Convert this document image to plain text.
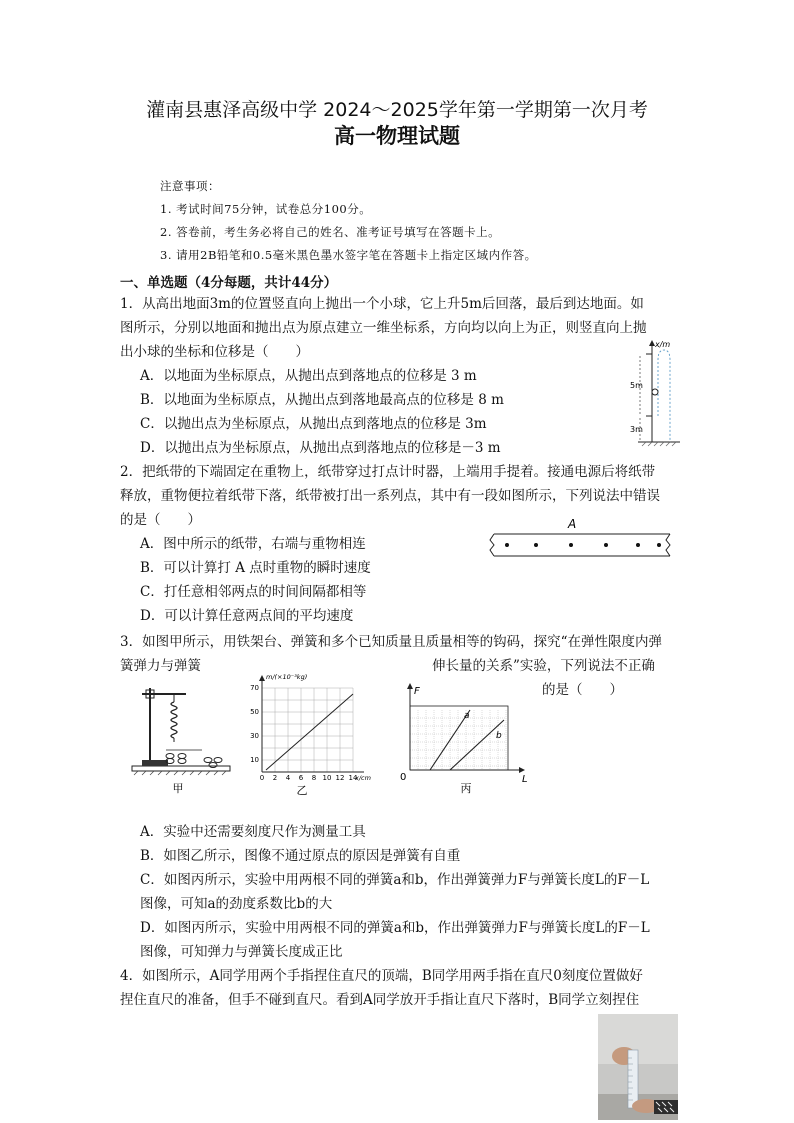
灌南县惠泽高级中学 2024～2025学年第一学期第一次月考
高一物理试题
注意事项：
1. 考试时间75分钟，试卷总分100分。
2. 答卷前，考生务必将自己的姓名、准考证号填写在答题卡上。
3. 请用2B铅笔和0.5毫米黑色墨水签字笔在答题卡上指定区域内作答。
一、单选题（4分每题，共计44分）
1．从高出地面3m的位置竖直向上抛出一个小球，它上升5m后回落，最后到达地面。如
图所示，分别以地面和抛出点为原点建立一维坐标系，方向均以向上为正，则竖直向上抛
出小球的坐标和位移是（　　）
A．以地面为坐标原点，从抛出点到落地点的位移是 3 m
B．以地面为坐标原点，从抛出点到落地最高点的位移是 8 m
C．以抛出点为坐标原点，从抛出点到落地点的位移是 3m
D．以抛出点为坐标原点，从抛出点到落地点的位移是－3 m
x/m
5m
3m
2．把纸带的下端固定在重物上，纸带穿过打点计时器，上端用手提着。接通电源后将纸带
释放，重物便拉着纸带下落，纸带被打出一系列点，其中有一段如图所示，下列说法中错误
的是（　　）
A．图中所示的纸带，右端与重物相连
B．可以计算打 A 点时重物的瞬时速度
C．打任意相邻两点的时间间隔都相等
D．可以计算任意两点间的平均速度
A
3．如图甲所示，用铁架台、弹簧和多个已知质量且质量相等的钩码，探究“在弹性限度内弹
簧弹力与弹簧	伸长量的关系”实验，下列说法不正确
的是（　　）
甲
m/(×10⁻³kg)
x/cm
10
30
50
70
0 2 4 6 8 10 12 14
乙
a
b
F
L
0
丙
A．实验中还需要刻度尺作为测量工具
B．如图乙所示，图像不通过原点的原因是弹簧有自重
C．如图丙所示，实验中用两根不同的弹簧a和b，作出弹簧弹力F与弹簧长度L的F－L
图像，可知a的劲度系数比b的大
D．如图丙所示，实验中用两根不同的弹簧a和b，作出弹簧弹力F与弹簧长度L的F－L
图像，可知弹力与弹簧长度成正比
4．如图所示，A同学用两个手指捏住直尺的顶端，B同学用两手指在直尺0刻度位置做好
捏住直尺的准备，但手不碰到直尺。看到A同学放开手指让直尺下落时，B同学立刻捏住
